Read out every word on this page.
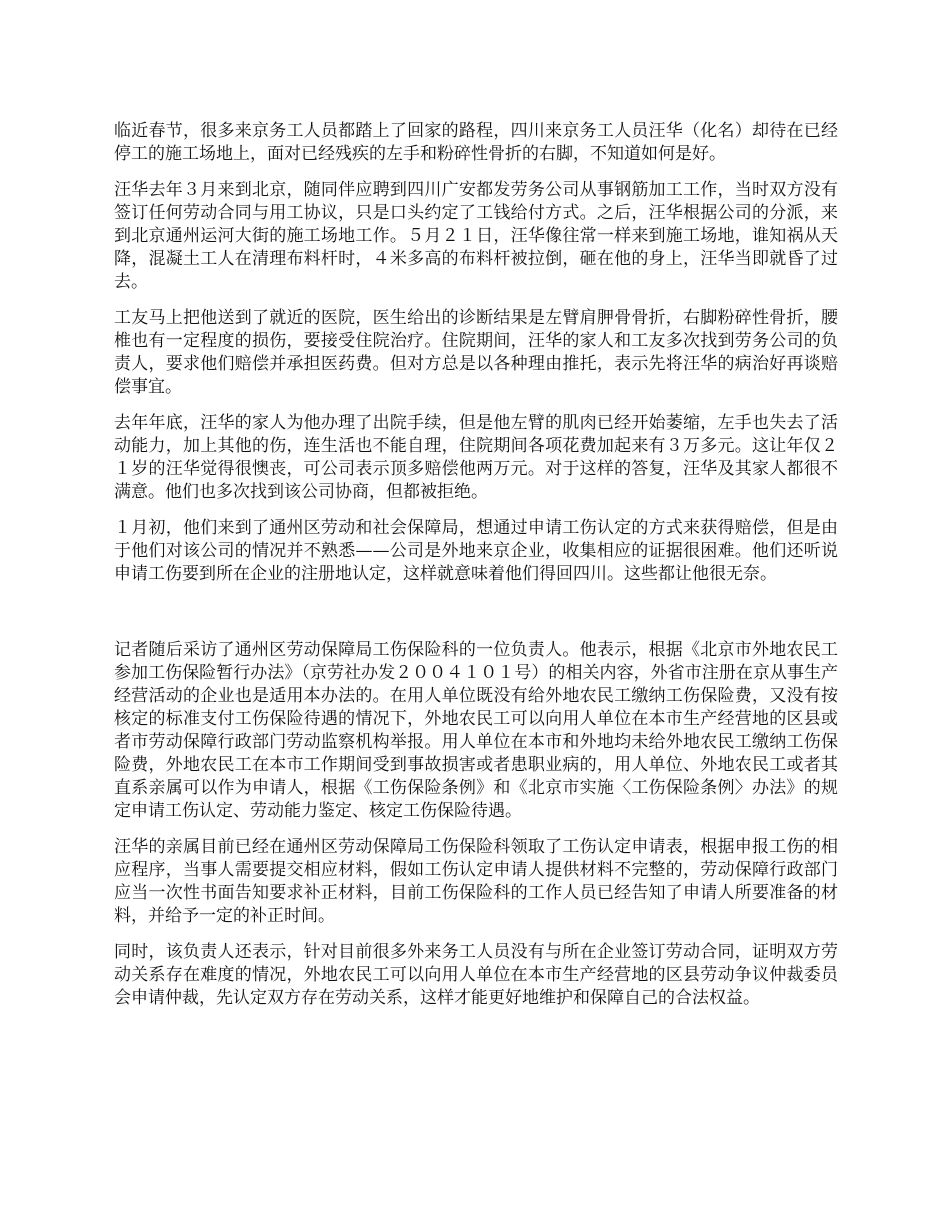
临近春节，很多来京务工人员都踏上了回家的路程，四川来京务工人员汪华（化名）却待在已经停工的施工场地上，面对已经残疾的左手和粉碎性骨折的右脚，不知道如何是好。

汪华去年３月来到北京，随同伴应聘到四川广安都发劳务公司从事钢筋加工工作，当时双方没有签订任何劳动合同与用工协议，只是口头约定了工钱给付方式。之后，汪华根据公司的分派，来到北京通州运河大街的施工场地工作。５月２１日，汪华像往常一样来到施工场地，谁知祸从天降，混凝土工人在清理布料杆时，４米多高的布料杆被拉倒，砸在他的身上，汪华当即就昏了过去。

工友马上把他送到了就近的医院，医生给出的诊断结果是左臂肩胛骨骨折，右脚粉碎性骨折，腰椎也有一定程度的损伤，要接受住院治疗。住院期间，汪华的家人和工友多次找到劳务公司的负责人，要求他们赔偿并承担医药费。但对方总是以各种理由推托，表示先将汪华的病治好再谈赔偿事宜。

去年年底，汪华的家人为他办理了出院手续，但是他左臂的肌肉已经开始萎缩，左手也失去了活动能力，加上其他的伤，连生活也不能自理，住院期间各项花费加起来有３万多元。这让年仅２１岁的汪华觉得很懊丧，可公司表示顶多赔偿他两万元。对于这样的答复，汪华及其家人都很不满意。他们也多次找到该公司协商，但都被拒绝。

１月初，他们来到了通州区劳动和社会保障局，想通过申请工伤认定的方式来获得赔偿，但是由于他们对该公司的情况并不熟悉——公司是外地来京企业，收集相应的证据很困难。他们还听说申请工伤要到所在企业的注册地认定，这样就意味着他们得回四川。这些都让他很无奈。

记者随后采访了通州区劳动保障局工伤保险科的一位负责人。他表示，根据《北京市外地农民工参加工伤保险暂行办法》（京劳社办发２００４１０１号）的相关内容，外省市注册在京从事生产经营活动的企业也是适用本办法的。在用人单位既没有给外地农民工缴纳工伤保险费，又没有按核定的标准支付工伤保险待遇的情况下，外地农民工可以向用人单位在本市生产经营地的区县或者市劳动保障行政部门劳动监察机构举报。用人单位在本市和外地均未给外地农民工缴纳工伤保险费，外地农民工在本市工作期间受到事故损害或者患职业病的，用人单位、外地农民工或者其直系亲属可以作为申请人，根据《工伤保险条例》和《北京市实施〈工伤保险条例〉办法》的规定申请工伤认定、劳动能力鉴定、核定工伤保险待遇。

汪华的亲属目前已经在通州区劳动保障局工伤保险科领取了工伤认定申请表，根据申报工伤的相应程序，当事人需要提交相应材料，假如工伤认定申请人提供材料不完整的，劳动保障行政部门应当一次性书面告知要求补正材料，目前工伤保险科的工作人员已经告知了申请人所要准备的材料，并给予一定的补正时间。

同时，该负责人还表示，针对目前很多外来务工人员没有与所在企业签订劳动合同，证明双方劳动关系存在难度的情况，外地农民工可以向用人单位在本市生产经营地的区县劳动争议仲裁委员会申请仲裁，先认定双方存在劳动关系，这样才能更好地维护和保障自己的合法权益。
